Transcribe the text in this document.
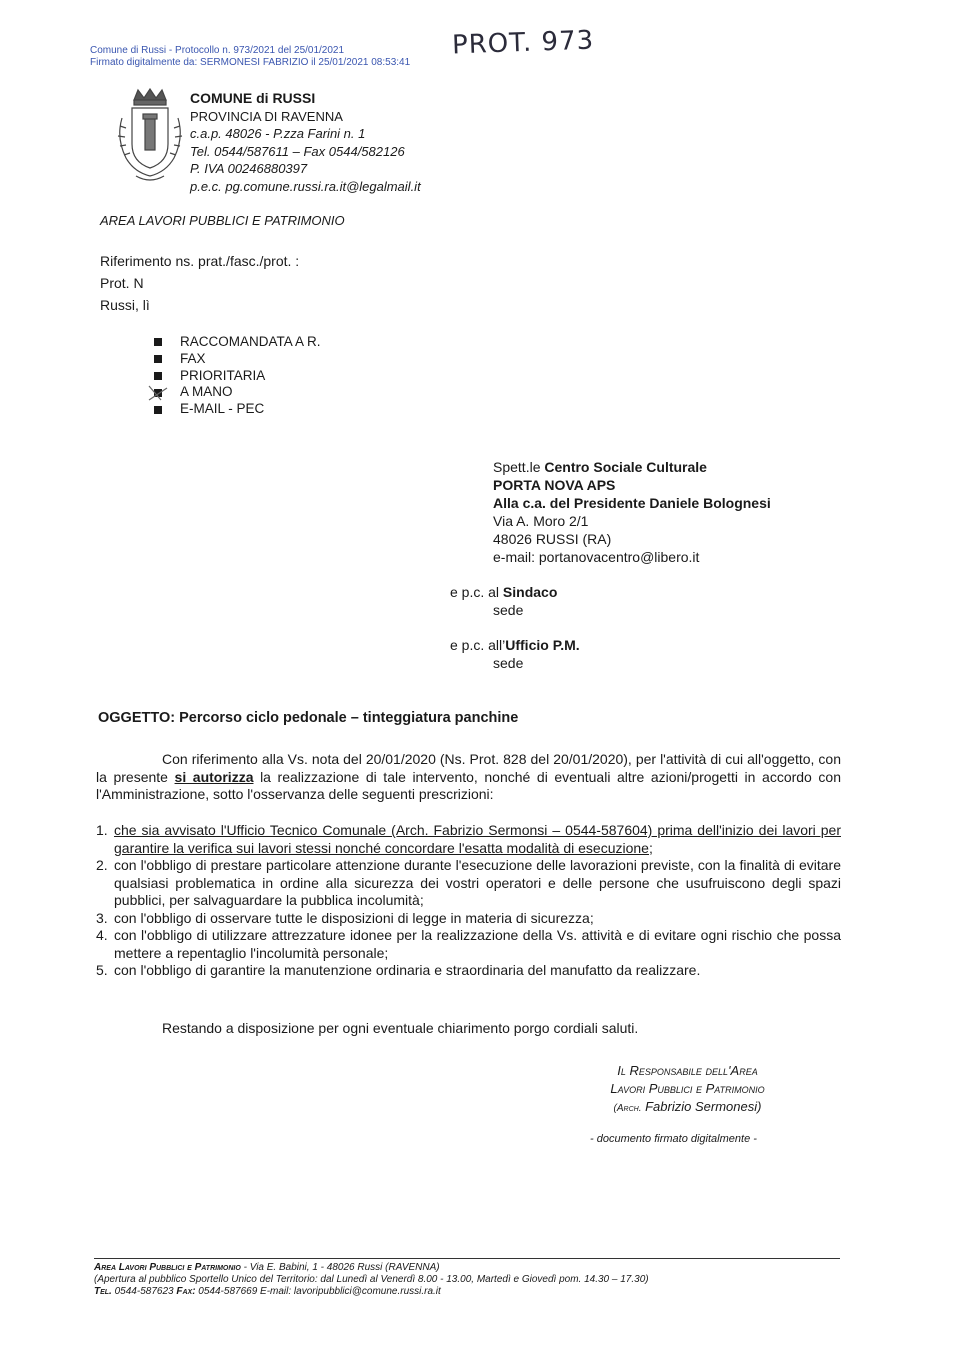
Comune di Russi - Protocollo n. 973/2021 del 25/01/2021
Firmato digitalmente da: SERMONESI FABRIZIO il 25/01/2021 08:53:41
PROT. 973
COMUNE di RUSSI
PROVINCIA DI RAVENNA
c.a.p. 48026 - P.zza Farini n. 1
Tel. 0544/587611 – Fax 0544/582126
P. IVA 00246880397
p.e.c. pg.comune.russi.ra.it@legalmail.it
AREA LAVORI PUBBLICI E PATRIMONIO
Riferimento ns. prat./fasc./prot. :
Prot. N
Russi, lì
RACCOMANDATA A R.
FAX
PRIORITARIA
A MANO
E-MAIL - PEC
Spett.le Centro Sociale Culturale
PORTA NOVA APS
Alla c.a. del Presidente Daniele Bolognesi
Via A. Moro 2/1
48026 RUSSI (RA)
e-mail: portanovacentro@libero.it
e p.c. al Sindaco
sede
e p.c. all’Ufficio P.M.
sede
OGGETTO: Percorso ciclo pedonale – tinteggiatura panchine

Con riferimento alla Vs. nota del 20/01/2020 (Ns. Prot. 828 del 20/01/2020), per l'attività di cui all'oggetto, con la presente si autorizza la realizzazione di tale intervento, nonché di eventuali altre azioni/progetti in accordo con l'Amministrazione, sotto l'osservanza delle seguenti prescrizioni:

1. che sia avvisato l'Ufficio Tecnico Comunale (Arch. Fabrizio Sermonsi – 0544-587604) prima dell'inizio dei lavori per garantire la verifica sui lavori stessi nonché concordare l'esatta modalità di esecuzione;
2. con l'obbligo di prestare particolare attenzione durante l'esecuzione delle lavorazioni previste, con la finalità di evitare qualsiasi problematica in ordine alla sicurezza dei vostri operatori e delle persone che usufruiscono degli spazi pubblici, per salvaguardare la pubblica incolumità;
3. con l'obbligo di osservare tutte le disposizioni di legge in materia di sicurezza;
4. con l'obbligo di utilizzare attrezzature idonee per la realizzazione della Vs. attività e di evitare ogni rischio che possa mettere a repentaglio l'incolumità personale;
5. con l'obbligo di garantire la manutenzione ordinaria e straordinaria del manufatto da realizzare.
Restando a disposizione per ogni eventuale chiarimento porgo cordiali saluti.
Il Responsabile dell'Area
Lavori Pubblici e Patrimonio
(Arch. Fabrizio Sermonesi)
- documento firmato digitalmente -
Area Lavori Pubblici e Patrimonio - Via E. Babini, 1 - 48026 Russi (RAVENNA)
(Apertura al pubblico Sportello Unico del Territorio: dal Lunedì al Venerdì 8.00 - 13.00, Martedì e Giovedì pom. 14.30 – 17.30)
Tel. 0544-587623 Fax: 0544-587669 E-mail: lavoripubblici@comune.russi.ra.it
